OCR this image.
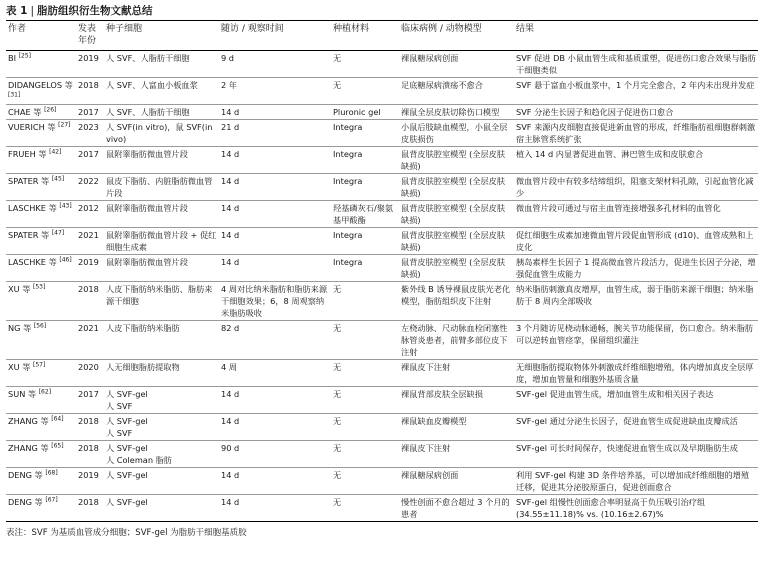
表 1 | 脂肪组织衍生物文献总结
作者	发表年份	种子细胞	随访 / 观察时间	种植材料	临床病例 / 动物模型	结果
BI [25]	2019	人 SVF、人脂肪干细胞	9 d	无	裸鼠糖尿病创面	SVF 促进 DB 小鼠血管生成和基质重塑，促进伤口愈合效果与脂肪干细胞类似
DIDANGELOS 等 [31]	2018	人 SVF、人富血小板血浆	2 年	无	足底糖尿病溃疡不愈合	SVF 悬于富血小板血浆中，1 个月完全愈合，2 年内未出现并发症
CHAE 等 [26]	2017	人 SVF、人脂肪干细胞	14 d	Pluronic gel	裸鼠全层皮肤切除伤口模型	SVF 分泌生长因子和趋化因子促进伤口愈合
VUERICH 等 [27]	2023	人 SVF(in vitro)，鼠 SVF(in vivo)	21 d	Integra	小鼠后肢缺血模型，小鼠全层皮肤损伤	SVF 来源内皮细胞直接促进新血管的形成，纤维脂肪祖细胞群刺激宿主脉管系统扩张
FRUEH 等 [42]	2017	鼠附睾脂肪微血管片段	14 d	Integra	鼠背皮肤腔室模型 (全层皮肤缺损)	植入 14 d 内显著促进血管、淋巴管生成和皮肤愈合
SPATER 等 [45]	2022	鼠皮下脂肪、内脏脂肪微血管片段	14 d	Integra	鼠背皮肤腔室模型 (全层皮肤缺损)	微血管片段中有较多结缔组织，阻塞支架材料孔隙，引起血管化减少
LASCHKE 等 [43]	2012	鼠附睾脂肪微血管片段	14 d	羟基磷灰石/聚氨基甲酸酯	鼠背皮肤腔室模型 (全层皮肤缺损)	微血管片段可通过与宿主血管连接增强多孔材料的血管化
SPATER 等 [47]	2021	鼠附睾脂肪微血管片段 + 促红细胞生成素	14 d	Integra	鼠背皮肤腔室模型 (全层皮肤缺损)	促红细胞生成素加速微血管片段促血管形成 (d10)、血管成熟和上皮化
LASCHKE 等 [46]	2019	鼠附睾脂肪微血管片段	14 d	Integra	鼠背皮肤腔室模型 (全层皮肤缺损)	胰岛素样生长因子 1 提高微血管片段活力，促进生长因子分泌，增强促血管生成能力
XU 等 [53]	2018	人皮下脂肪纳米脂肪、脂肪来源干细胞	4 周对比纳米脂肪和脂肪来源干细胞效果；6，8 周观察纳米脂肪吸收	无	紫外线 B 诱导裸鼠皮肤光老化模型，脂肪组织皮下注射	纳米脂肪刺激真皮增厚，血管生成，弱于脂肪来源干细胞；纳米脂肪于 8 周内全部吸收
NG 等 [56]	2021	人皮下脂肪纳米脂肪	82 d	无	左桡动脉、尺动脉血栓闭塞性脉管炎患者，前臂多部位皮下注射	3 个月随访见桡动脉通畅，腕关节功能保留，伤口愈合。纳米脂肪可以逆转血管痉挛，保留组织灌注
XU 等 [57]	2020	人无细胞脂肪提取物	4 周	无	裸鼠皮下注射	无细胞脂肪提取物体外刺激成纤维细胞增殖，体内增加真皮全层厚度，增加血管量和细胞外基质含量
SUN 等 [62]	2017	人 SVF-gel
人 SVF	14 d	无	裸鼠背部皮肤全层缺损	SVF-gel 促进血管生成，增加血管生成和相关因子表达
ZHANG 等 [64]	2018	人 SVF-gel
人 SVF	14 d	无	裸鼠缺血皮瓣模型	SVF-gel 通过分泌生长因子，促进血管生成促进缺血皮瓣成活
ZHANG 等 [65]	2018	人 SVF-gel
人 Coleman 脂肪	90 d	无	裸鼠皮下注射	SVF-gel 可长时间保存，快速促进血管生成以及早期脂肪生成
DENG 等 [68]	2019	人 SVF-gel	14 d	无	裸鼠糖尿病创面	利用 SVF-gel 构建 3D 条件培养基，可以增加成纤维细胞的增殖迁移，促进其分泌胶原蛋白，促进创面愈合
DENG 等 [67]	2018	人 SVF-gel	14 d	无	慢性创面不愈合超过 3 个月的患者	SVF-gel 组慢性创面愈合率明显高于负压吸引治疗组 (34.55±11.18)% vs. (10.16±2.67)%
表注：SVF 为基质血管成分细胞；SVF-gel 为脂肪干细胞基质胶
